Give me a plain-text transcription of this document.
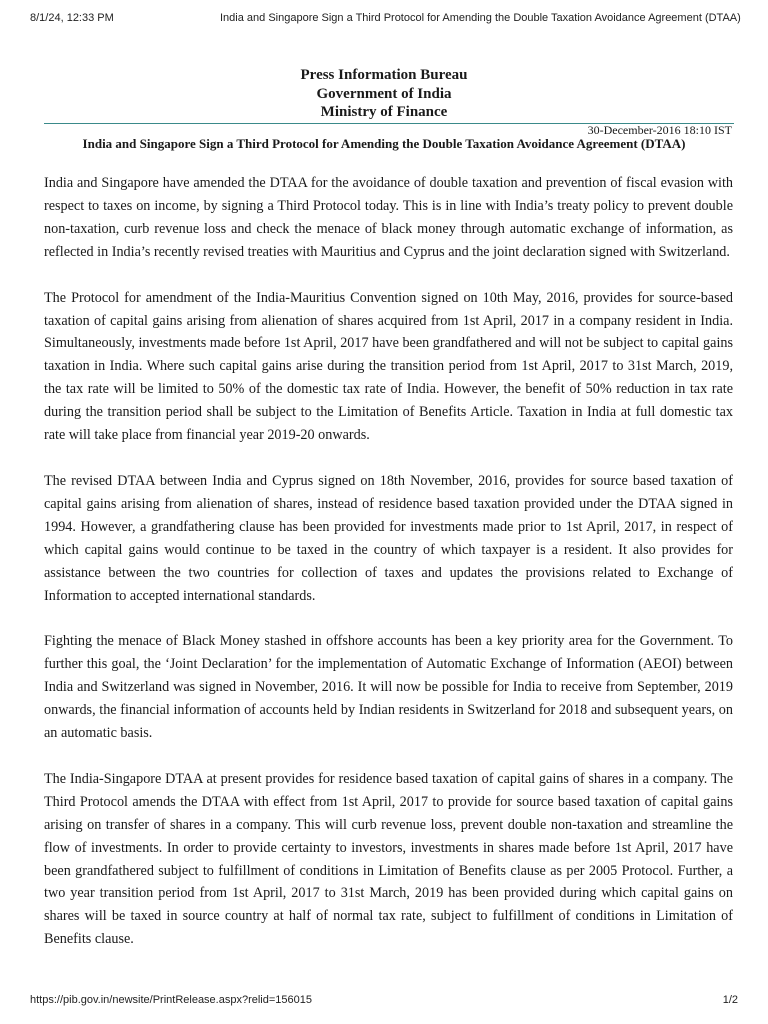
8/1/24, 12:33 PM	India and Singapore Sign a Third Protocol for Amending the Double Taxation Avoidance Agreement (DTAA)
Press Information Bureau
Government of India
Ministry of Finance
30-December-2016 18:10 IST
India and Singapore Sign a Third Protocol for Amending the Double Taxation Avoidance Agreement (DTAA)

India and Singapore have amended the DTAA for the avoidance of double taxation and prevention of fiscal evasion with respect to taxes on income, by signing a Third Protocol today. This is in line with India’s treaty policy to prevent double non-taxation, curb revenue loss and check the menace of black money through automatic exchange of information, as reflected in India’s recently revised treaties with Mauritius and Cyprus and the joint declaration signed with Switzerland.

The Protocol for amendment of the India-Mauritius Convention signed on 10th May, 2016, provides for source-based taxation of capital gains arising from alienation of shares acquired from 1st April, 2017 in a company resident in India. Simultaneously, investments made before 1st April, 2017 have been grandfathered and will not be subject to capital gains taxation in India. Where such capital gains arise during the transition period from 1st April, 2017 to 31st March, 2019, the tax rate will be limited to 50% of the domestic tax rate of India. However, the benefit of 50% reduction in tax rate during the transition period shall be subject to the Limitation of Benefits Article. Taxation in India at full domestic tax rate will take place from financial year 2019-20 onwards.

The revised DTAA between India and Cyprus signed on 18th November, 2016, provides for source based taxation of capital gains arising from alienation of shares, instead of residence based taxation provided under the DTAA signed in 1994. However, a grandfathering clause has been provided for investments made prior to 1st April, 2017, in respect of which capital gains would continue to be taxed in the country of which taxpayer is a resident. It also provides for assistance between the two countries for collection of taxes and updates the provisions related to Exchange of Information to accepted international standards.

Fighting the menace of Black Money stashed in offshore accounts has been a key priority area for the Government. To further this goal, the ‘Joint Declaration’ for the implementation of Automatic Exchange of Information (AEOI) between India and Switzerland was signed in November, 2016. It will now be possible for India to receive from September, 2019 onwards, the financial information of accounts held by Indian residents in Switzerland for 2018 and subsequent years, on an automatic basis.

The India-Singapore DTAA at present provides for residence based taxation of capital gains of shares in a company. The Third Protocol amends the DTAA with effect from 1st April, 2017 to provide for source based taxation of capital gains arising on transfer of shares in a company. This will curb revenue loss, prevent double non-taxation and streamline the flow of investments. In order to provide certainty to investors, investments in shares made before 1st April, 2017 have been grandfathered subject to fulfillment of conditions in Limitation of Benefits clause as per 2005 Protocol. Further, a two year transition period from 1st April, 2017 to 31st March, 2019 has been provided during which capital gains on shares will be taxed in source country at half of normal tax rate, subject to fulfillment of conditions in Limitation of Benefits clause.

https://pib.gov.in/newsite/PrintRelease.aspx?relid=156015	1/2
